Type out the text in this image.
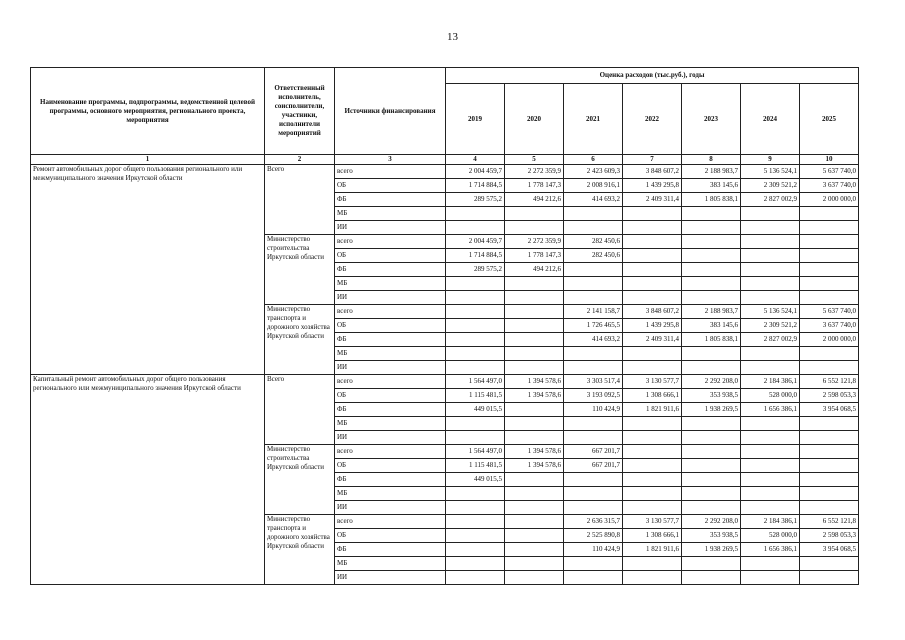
13
Наименование программы, подпрограммы, ведомственной целевой программы, основного мероприятия, регионального проекта, мероприятия	Ответственный исполнитель, соисполнители, участники, исполнители мероприятий	Источники финансирования	Оценка расходов (тыс.руб.), годы						
			2019	2020	2021	2022	2023	2024	2025
1	2	3	4	5	6	7	8	9	10
Ремонт автомобильных дорог общего пользования регионального или межмуниципального значения Иркутской области	Всего	всего	2 004 459,7	2 272 359,9	2 423 609,3	3 848 607,2	2 188 983,7	5 136 524,1	5 637 740,0
		ОБ	1 714 884,5	1 778 147,3	2 008 916,1	1 439 295,8	383 145,6	2 309 521,2	3 637 740,0
		ФБ	289 575,2	494 212,6	414 693,2	2 409 311,4	1 805 838,1	2 827 002,9	2 000 000,0
		МБ							
		ИИ							
	Министерство строительства Иркутской области	всего	2 004 459,7	2 272 359,9	282 450,6				
		ОБ	1 714 884,5	1 778 147,3	282 450,6				
		ФБ	289 575,2	494 212,6					
		МБ							
		ИИ							
	Министерство транспорта и дорожного хозяйства Иркутской области	всего			2 141 158,7	3 848 607,2	2 188 983,7	5 136 524,1	5 637 740,0
		ОБ			1 726 465,5	1 439 295,8	383 145,6	2 309 521,2	3 637 740,0
		ФБ			414 693,2	2 409 311,4	1 805 838,1	2 827 002,9	2 000 000,0
		МБ							
		ИИ							
Капитальный ремонт автомобильных дорог общего пользования регионального или межмуниципального значения Иркутской области	Всего	всего	1 564 497,0	1 394 578,6	3 303 517,4	3 130 577,7	2 292 208,0	2 184 386,1	6 552 121,8
		ОБ	1 115 481,5	1 394 578,6	3 193 092,5	1 308 666,1	353 938,5	528 000,0	2 598 053,3
		ФБ	449 015,5		110 424,9	1 821 911,6	1 938 269,5	1 656 386,1	3 954 068,5
		МБ							
		ИИ							
	Министерство строительства Иркутской области	всего	1 564 497,0	1 394 578,6	667 201,7				
		ОБ	1 115 481,5	1 394 578,6	667 201,7				
		ФБ	449 015,5						
		МБ							
		ИИ							
	Министерство транспорта и дорожного хозяйства Иркутской области	всего			2 636 315,7	3 130 577,7	2 292 208,0	2 184 386,1	6 552 121,8
		ОБ			2 525 890,8	1 308 666,1	353 938,5	528 000,0	2 598 053,3
		ФБ			110 424,9	1 821 911,6	1 938 269,5	1 656 386,1	3 954 068,5
		МБ							
		ИИ							
